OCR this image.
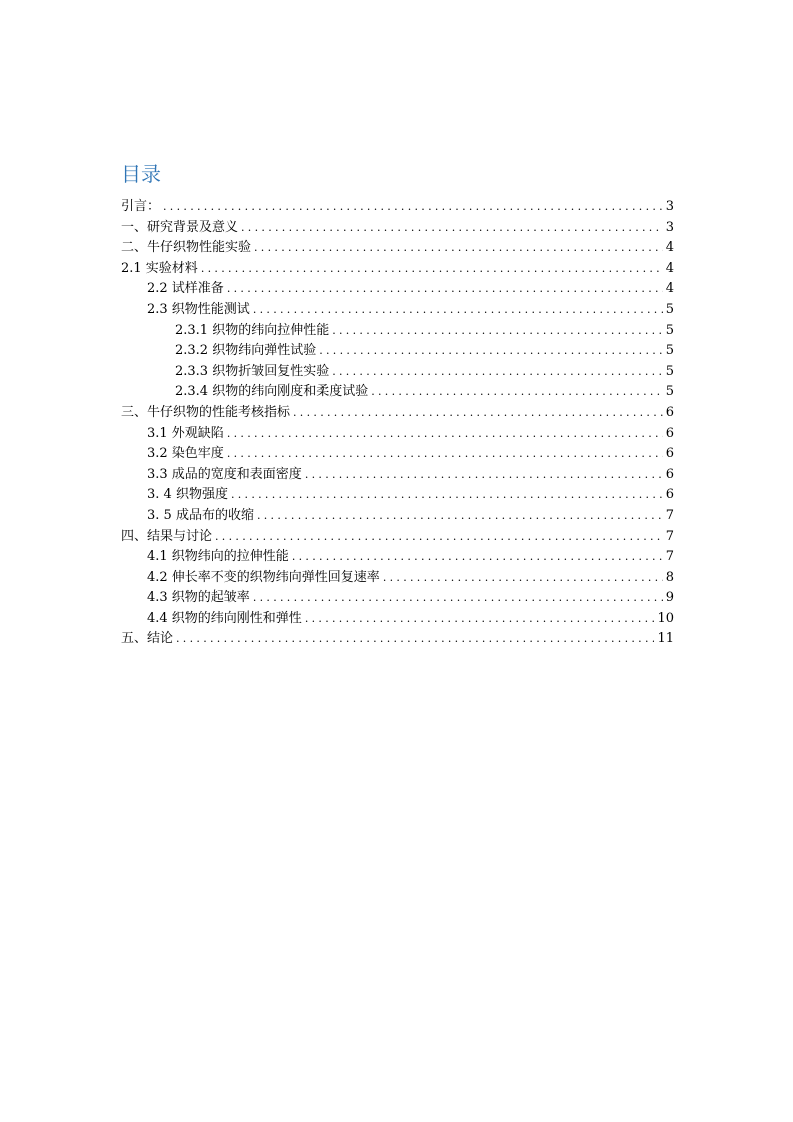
目录
引言： .....	3
一、研究背景及意义 .....	3
二、牛仔织物性能实验 .....	4
2.1 实验材料 .....	4
2.2 试样准备 .....	4
2.3 织物性能测试 .....	5
2.3.1 织物的纬向拉伸性能 .....	5
2.3.2 织物纬向弹性试验 .....	5
2.3.3 织物折皱回复性实验 .....	5
2.3.4 织物的纬向刚度和柔度试验 .....	5
三、牛仔织物的性能考核指标 .....	6
3.1 外观缺陷 .....	6
3.2 染色牢度 .....	6
3.3 成品的宽度和表面密度 .....	6
3. 4 织物强度 .....	6
3. 5 成品布的收缩 .....	7
四、结果与讨论 .....	7
4.1 织物纬向的拉伸性能 .....	7
4.2 伸长率不变的织物纬向弹性回复速率 .....	8
4.3 织物的起皱率 .....	9
4.4 织物的纬向刚性和弹性 .....	10
五、结论 .....	11
